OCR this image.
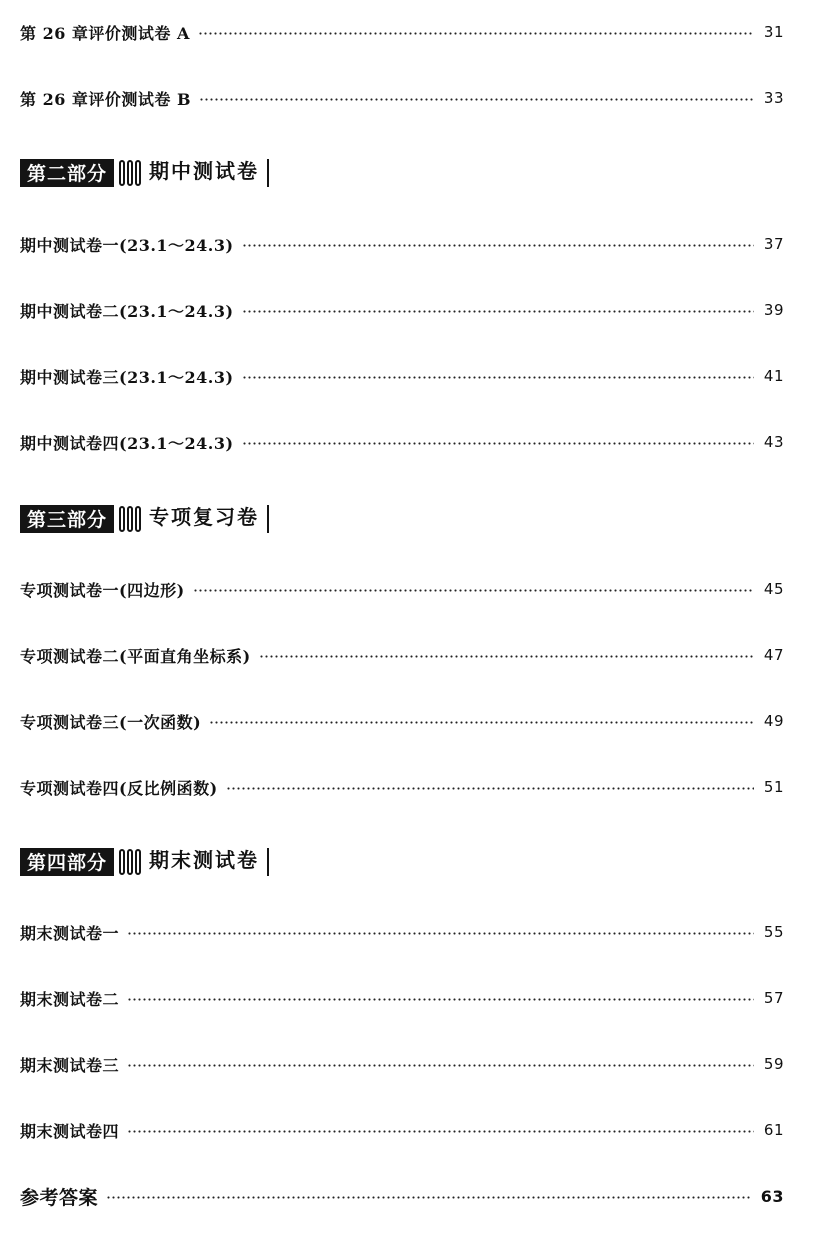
第 26 章评价测试卷 A	31
第 26 章评价测试卷 B	33
第二部分	期中测试卷
期中测试卷一(23.1～24.3)	37
期中测试卷二(23.1～24.3)	39
期中测试卷三(23.1～24.3)	41
期中测试卷四(23.1～24.3)	43
第三部分	专项复习卷
专项测试卷一(四边形)	45
专项测试卷二(平面直角坐标系)	47
专项测试卷三(一次函数)	49
专项测试卷四(反比例函数)	51
第四部分	期末测试卷
期末测试卷一	55
期末测试卷二	57
期末测试卷三	59
期末测试卷四	61
参考答案	63
